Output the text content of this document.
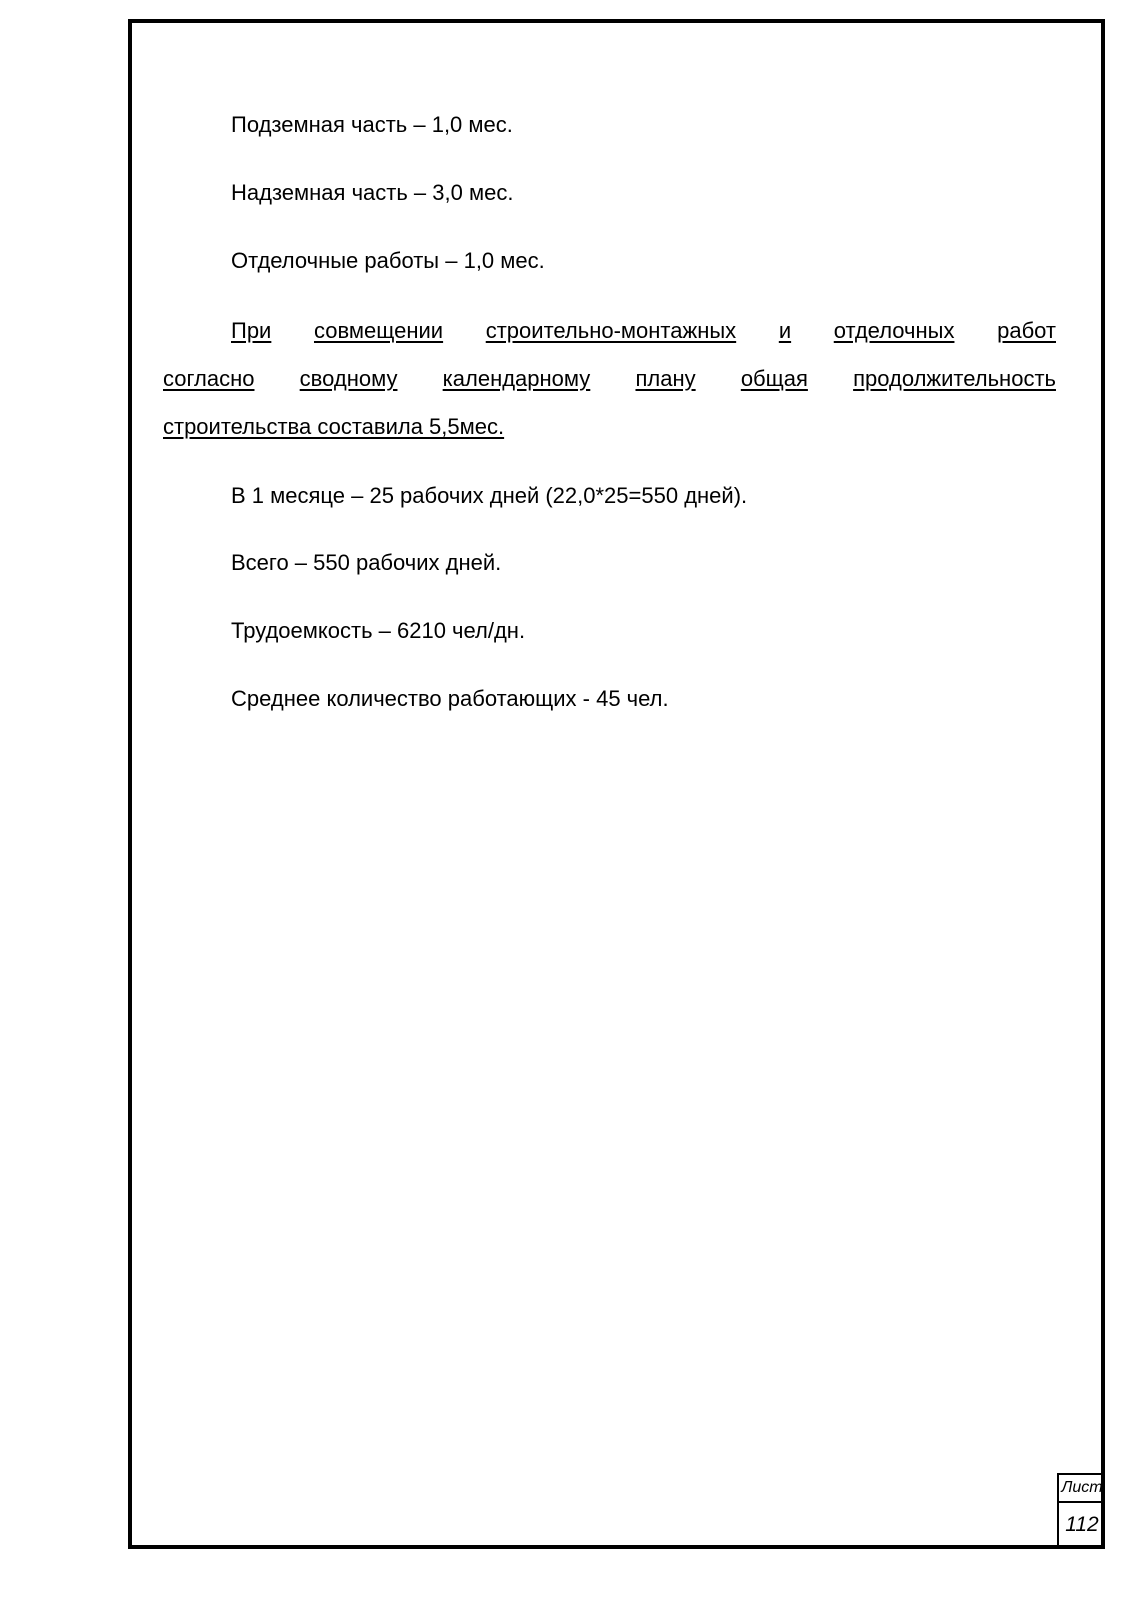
Подземная часть – 1,0 мес.
Надземная часть – 3,0 мес.
Отделочные работы – 1,0 мес.
При совмещении строительно-монтажных и отделочных работ
согласно сводному календарному плану общая продолжительность
строительства составила 5,5мес.
В 1 месяце – 25 рабочих дней (22,0*25=550 дней).
Всего – 550 рабочих дней.
Трудоемкость – 6210 чел/дн.
Среднее количество работающих - 45 чел.
Лист
112
